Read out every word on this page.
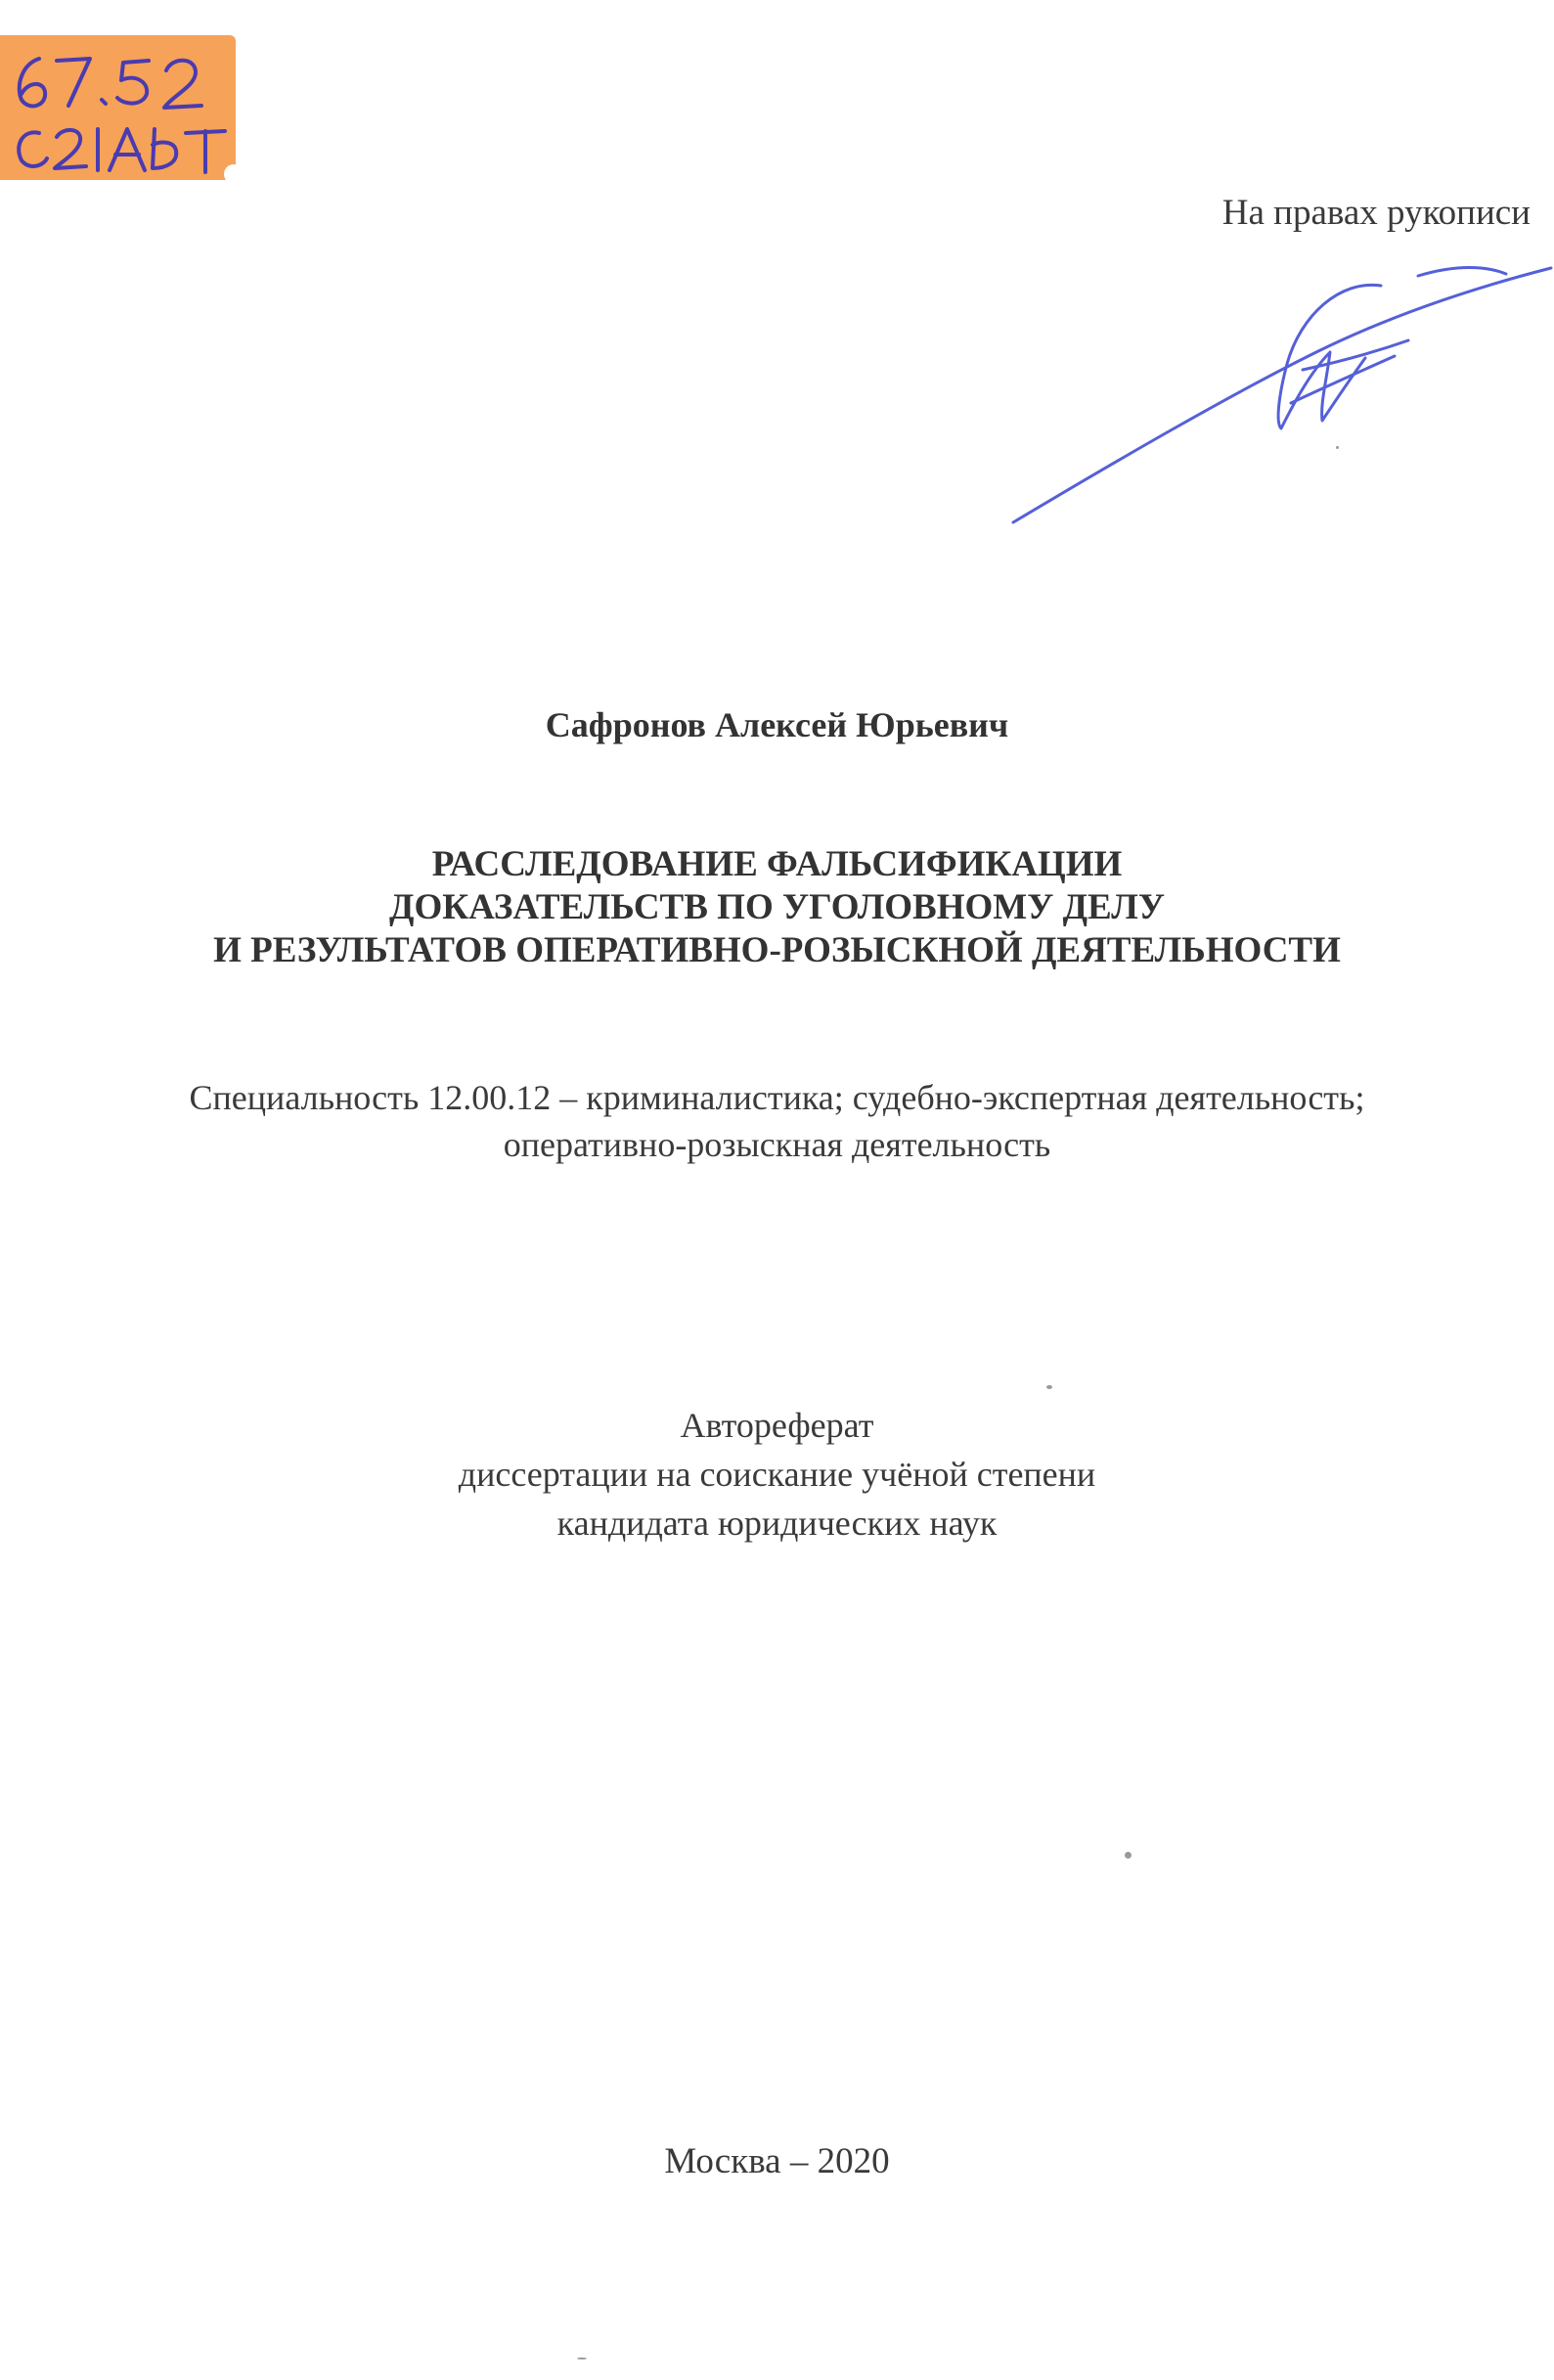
На правах рукописи
Сафронов Алексей Юрьевич
РАССЛЕДОВАНИЕ ФАЛЬСИФИКАЦИИ
ДОКАЗАТЕЛЬСТВ ПО УГОЛОВНОМУ ДЕЛУ
И РЕЗУЛЬТАТОВ ОПЕРАТИВНО-РОЗЫСКНОЙ ДЕЯТЕЛЬНОСТИ
Специальность 12.00.12 – криминалистика; судебно-экспертная деятельность;
оперативно-розыскная деятельность
Автореферат
диссертации на соискание учёной степени
кандидата юридических наук
Москва – 2020
